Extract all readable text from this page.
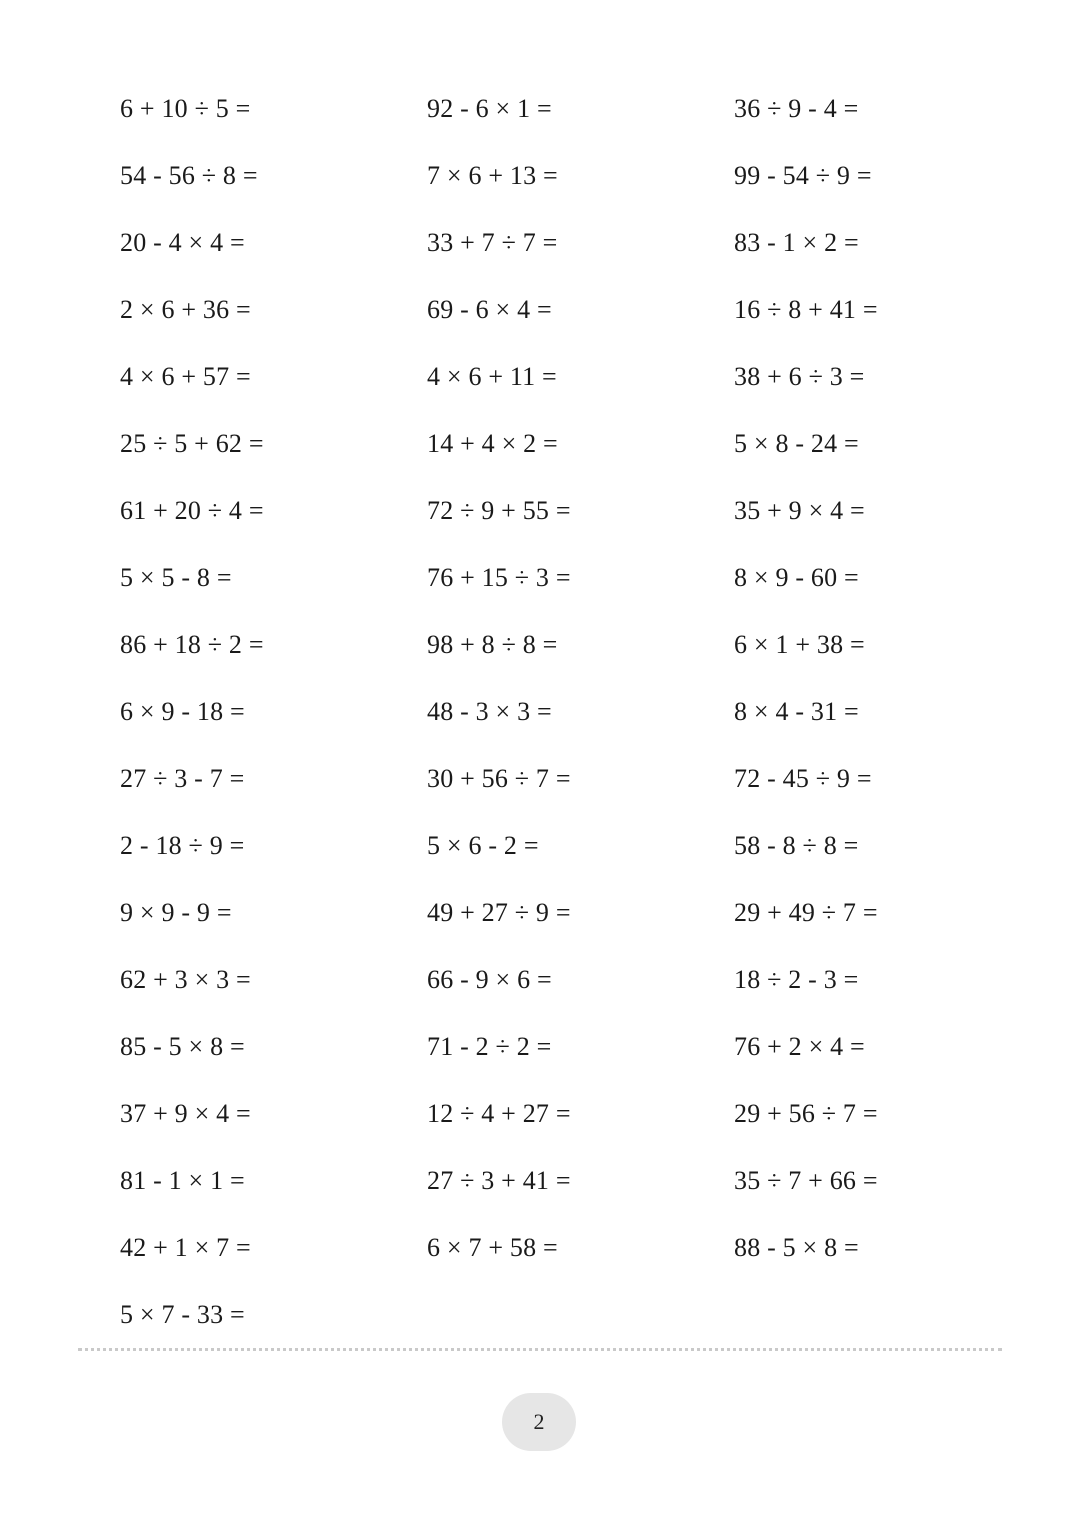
6 + 10 ÷ 5 =
54 - 56 ÷ 8 =
20 - 4 × 4 =
2 × 6 + 36 =
4 × 6 + 57 =
25 ÷ 5 + 62 =
61 + 20 ÷ 4 =
5 × 5 - 8 =
86 + 18 ÷ 2 =
6 × 9 - 18 =
27 ÷ 3 - 7 =
2 - 18 ÷ 9 =
9 × 9 - 9 =
62 + 3 × 3 =
85 - 5 × 8 =
37 + 9 × 4 =
81 - 1 × 1 =
42 + 1 × 7 =
5 × 7 - 33 =
92 - 6 × 1 =
7 × 6 + 13 =
33 + 7 ÷ 7 =
69 - 6 × 4 =
4 × 6 + 11 =
14 + 4 × 2 =
72 ÷ 9 + 55 =
76 + 15 ÷ 3 =
98 + 8 ÷ 8 =
48 - 3 × 3 =
30 + 56 ÷ 7 =
5 × 6 - 2 =
49 + 27 ÷ 9 =
66 - 9 × 6 =
71 - 2 ÷ 2 =
12 ÷ 4 + 27 =
27 ÷ 3 + 41 =
6 × 7 + 58 =
36 ÷ 9 - 4 =
99 - 54 ÷ 9 =
83 - 1 × 2 =
16 ÷ 8 + 41 =
38 + 6 ÷ 3 =
5 × 8 - 24 =
35 + 9 × 4 =
8 × 9 - 60 =
6 × 1 + 38 =
8 × 4 - 31 =
72 - 45 ÷ 9 =
58 - 8 ÷ 8 =
29 + 49 ÷ 7 =
18 ÷ 2 - 3 =
76 + 2 × 4 =
29 + 56 ÷ 7 =
35 ÷ 7 + 66 =
88 - 5 × 8 =
2
